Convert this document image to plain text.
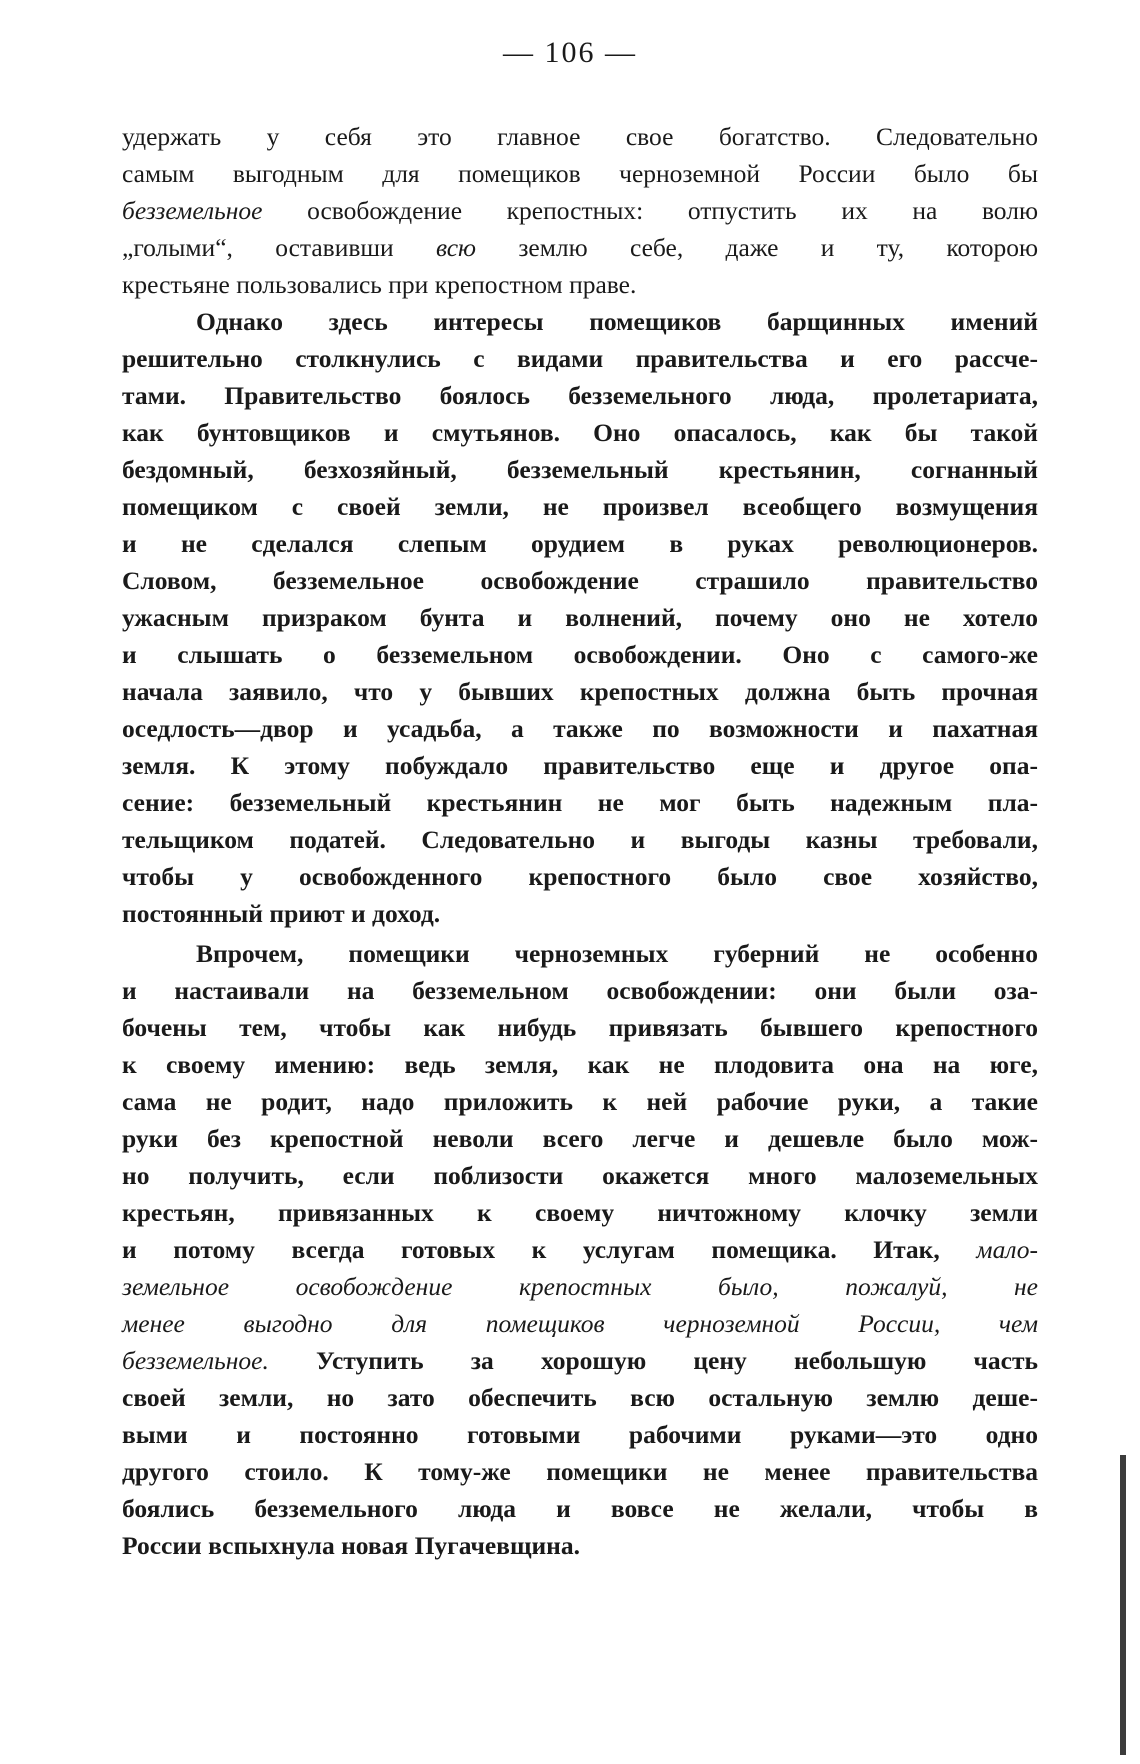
— 106 —
удержать у себя это главное свое богатство. Следовательно
самым выгодным для помещиков черноземной России было бы
безземельное освобождение крепостных: отпустить их на волю
„голыми“, оставивши всю землю себе, даже и ту, которою
крестьяне пользовались при крепостном праве.
Однако здесь интересы помещиков барщинных имений
решительно столкнулись с видами правительства и его рассче-
тами. Правительство боялось безземельного люда, пролетариата,
как бунтовщиков и смутьянов. Оно опасалось, как бы такой
бездомный, безхозяйный, безземельный крестьянин, согнанный
помещиком с своей земли, не произвел всеобщего возмущения
и не сделался слепым орудием в руках революционеров.
Словом, безземельное освобождение страшило правительство
ужасным призраком бунта и волнений, почему оно не хотело
и слышать о безземельном освобождении. Оно с самого-же
начала заявило, что у бывших крепостных должна быть прочная
оседлость—двор и усадьба, а также по возможности и пахатная
земля. К этому побуждало правительство еще и другое опа-
сение: безземельный крестьянин не мог быть надежным пла-
тельщиком податей. Следовательно и выгоды казны требовали,
чтобы у освобожденного крепостного было свое хозяйство,
постоянный приют и доход.
Впрочем, помещики черноземных губерний не особенно
и настаивали на безземельном освобождении: они были оза-
бочены тем, чтобы как нибудь привязать бывшего крепостного
к своему имению: ведь земля, как не плодовита она на юге,
сама не родит, надо приложить к ней рабочие руки, а такие
руки без крепостной неволи всего легче и дешевле было мож-
но получить, если поблизости окажется много малоземельных
крестьян, привязанных к своему ничтожному клочку земли
и потому всегда готовых к услугам помещика. Итак, мало-
земельное освобождение крепостных было, пожалуй, не
менее выгодно для помещиков черноземной России, чем
безземельное. Уступить за хорошую цену небольшую часть
своей земли, но зато обеспечить всю остальную землю деше-
выми и постоянно готовыми рабочими руками—это одно
другого стоило. К тому-же помещики не менее правительства
боялись безземельного люда и вовсе не желали, чтобы в
России вспыхнула новая Пугачевщина.
